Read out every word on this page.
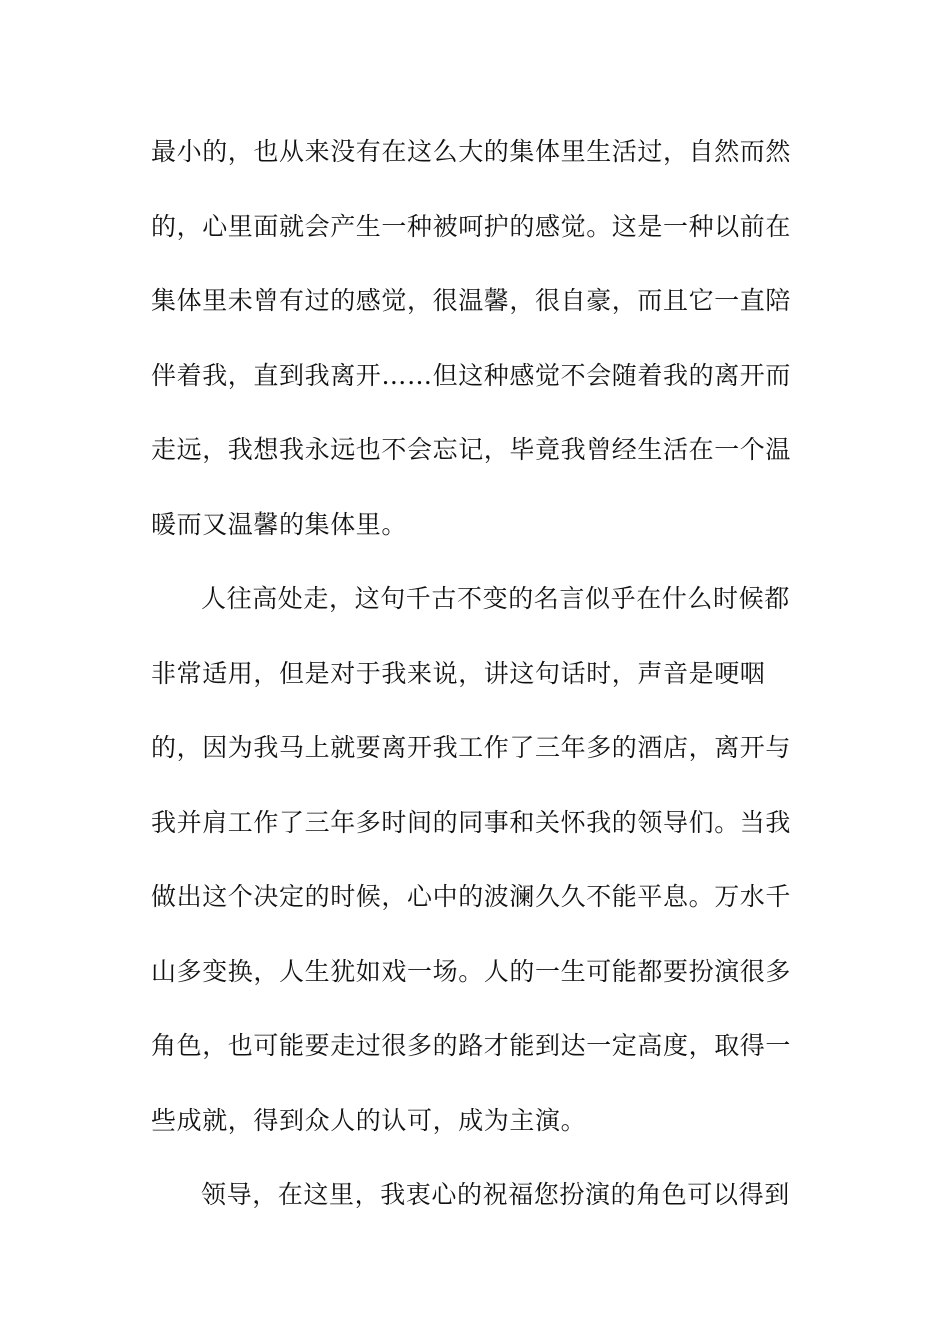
最小的，也从来没有在这么大的集体里生活过，自然而然
的，心里面就会产生一种被呵护的感觉。这是一种以前在
集体里未曾有过的感觉，很温馨，很自豪，而且它一直陪
伴着我，直到我离开……但这种感觉不会随着我的离开而
走远，我想我永远也不会忘记，毕竟我曾经生活在一个温
暖而又温馨的集体里。
人往高处走，这句千古不变的名言似乎在什么时候都
非常适用，但是对于我来说，讲这句话时，声音是哽咽
的，因为我马上就要离开我工作了三年多的酒店，离开与
我并肩工作了三年多时间的同事和关怀我的领导们。当我
做出这个决定的时候，心中的波澜久久不能平息。万水千
山多变换，人生犹如戏一场。人的一生可能都要扮演很多
角色，也可能要走过很多的路才能到达一定高度，取得一
些成就，得到众人的认可，成为主演。
领导，在这里，我衷心的祝福您扮演的角色可以得到
